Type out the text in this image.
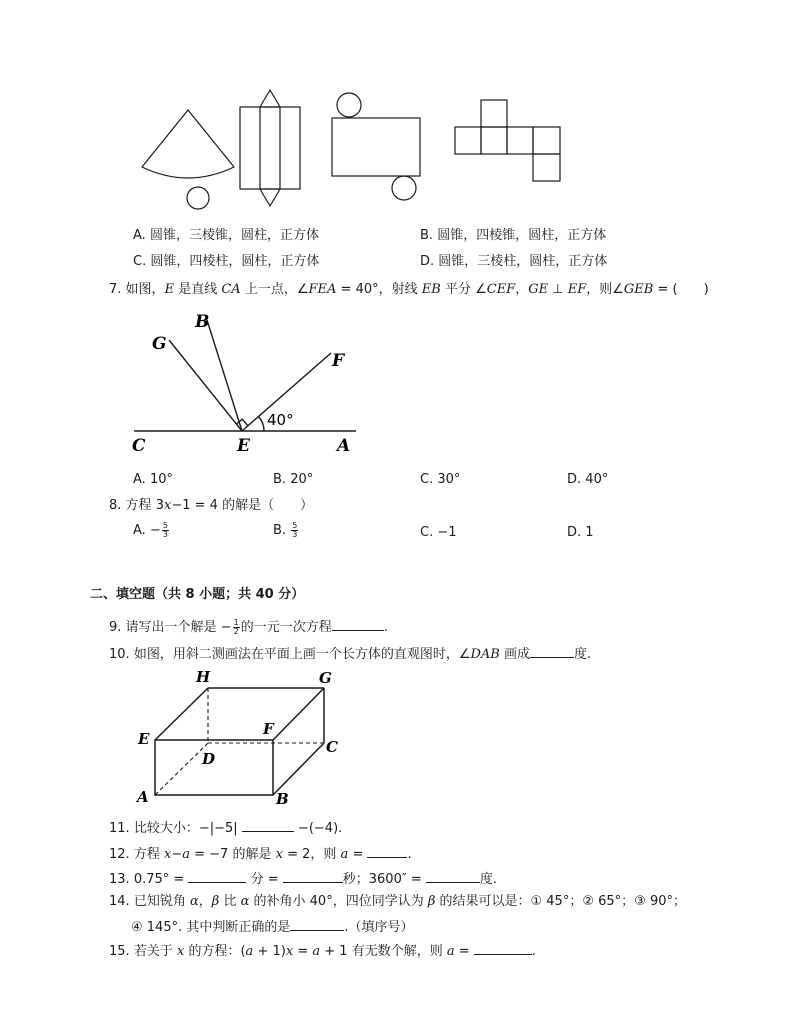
A. 圆锥，三棱锥，圆柱，正方体	B. 圆锥，四棱锥，圆柱，正方体
C. 圆锥，四棱柱，圆柱，正方体	D. 圆锥，三棱柱，圆柱，正方体
7. 如图，E 是直线 CA 上一点，∠FEA = 40°，射线 EB 平分 ∠CEF，GE ⊥ EF，则∠GEB = (　　)
G
B
F
C	E	A
40°
A. 10°	B. 20°	C. 30°	D. 40°
8. 方程 3x−1 = 4 的解是（　　）
A. − $\frac{5}{3}$	B. $\frac{5}{3}$	C. −1	D. 1
二、填空题（共 8 小题；共 40 分）
9. 请写出一个解是 − $\frac{1}{2}$ 的一元一次方程	.
10. 如图，用斜二测画法在平面上画一个长方体的直观图时，∠DAB 画成	度.
H	G
E
F
C
D
A	B
11. 比较大小：−|−5|	−(−4).
12. 方程 x−a = −7 的解是 x = 2，则 a =	.
13. 0.75° =	分 =	秒；3600″ =	度.
14. 已知锐角 α，β 比 α 的补角小 40°，四位同学认为 β 的结果可以是：① 45°；② 65°；③ 90°；
④ 145°. 其中判断正确的是	.（填序号）
15. 若关于 x 的方程：(a + 1)x = a + 1 有无数个解，则 a =	.
